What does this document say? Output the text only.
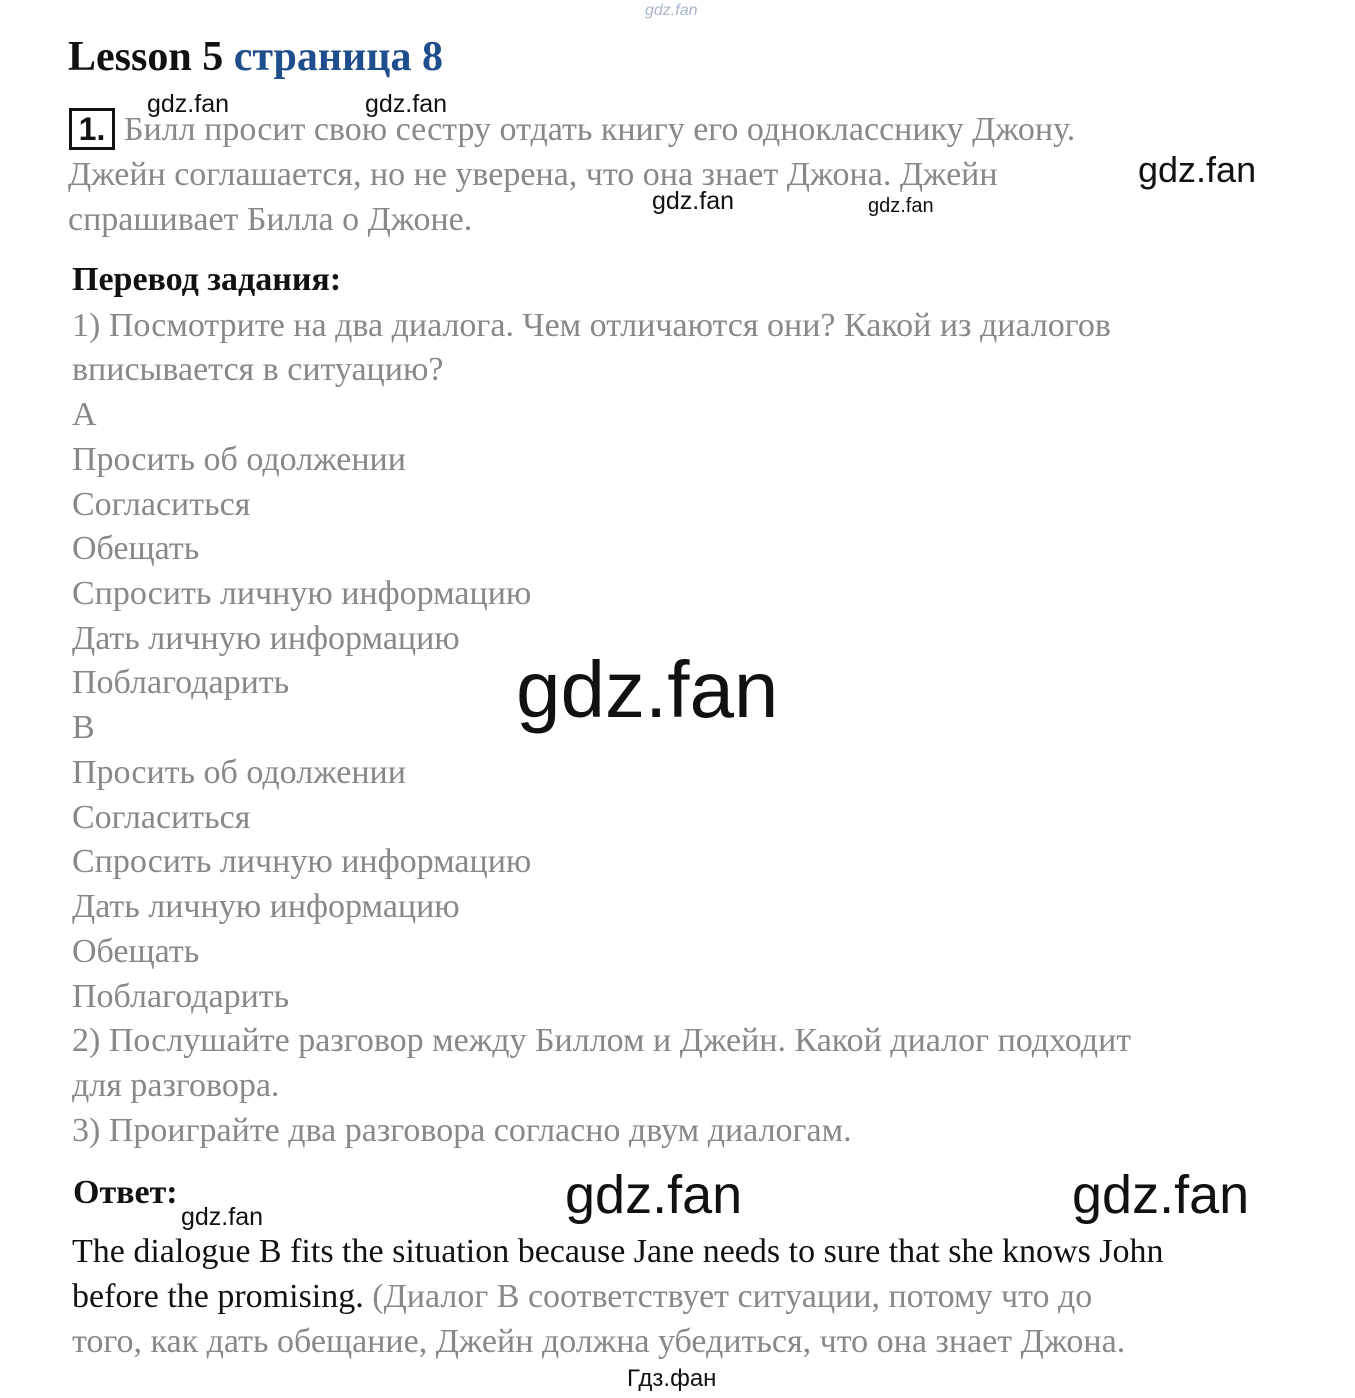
gdz.fan
Lesson 5 страница 8
1. Билл просит свою сестру отдать книгу его однокласснику Джону.
Джейн соглашается, но не уверена, что она знает Джона. Джейн
спрашивает Билла о Джоне.
gdz.fan	gdz.fan
gdz.fan
gdz.fan	gdz.fan
Перевод задания:
1) Посмотрите на два диалога. Чем отличаются они? Какой из диалогов
вписывается в ситуацию?
A
Просить об одолжении
Согласиться
Обещать
Спросить личную информацию
Дать личную информацию
Поблагодарить
B
Просить об одолжении
Согласиться
Спросить личную информацию
Дать личную информацию
Обещать
Поблагодарить
2) Послушайте разговор между Биллом и Джейн. Какой диалог подходит
для разговора.
3) Проиграйте два разговора согласно двум диалогам.
gdz.fan
Ответ:
gdz.fan	gdz.fan	gdz.fan
The dialogue B fits the situation because Jane needs to sure that she knows John
before the promising. (Диалог B соответствует ситуации, потому что до
того, как дать обещание, Джейн должна убедиться, что она знает Джона.
Гдз.фан
